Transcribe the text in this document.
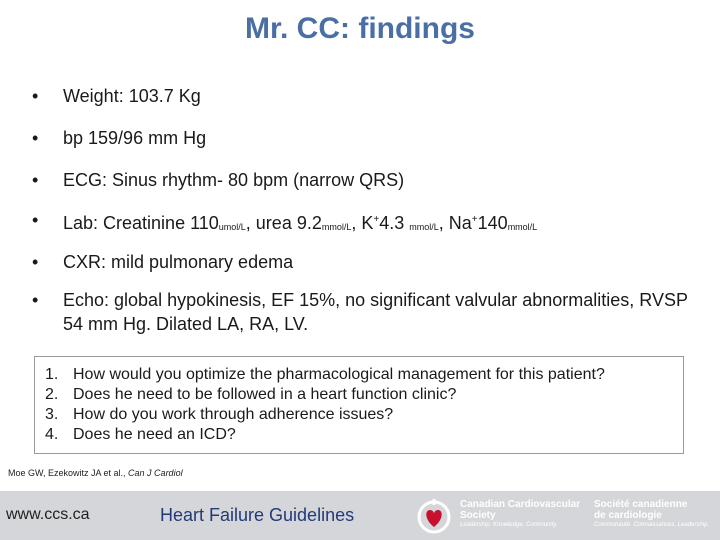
Mr. CC: findings
•	Weight: 103.7 Kg
•	bp 159/96 mm Hg
•	ECG: Sinus rhythm- 80 bpm (narrow QRS)
•	Lab: Creatinine $110_{umol/L}$, urea $9.2_{mmol/L}$, K+4.3 $_{mmol/L}$, $Na^+140_{mmol/L}$
•	CXR: mild pulmonary edema
•	Echo: global hypokinesis, EF 15%, no significant valvular abnormalities, RVSP 54 mm Hg. Dilated LA, RA, LV.
1. How would you optimize the pharmacological management for this patient?
2. Does he need to be followed in a heart function clinic?
3. How do you work through adherence issues?
4. Does he need an ICD?
Moe GW, Ezekowitz JA et al., Can J Cardiol
www.ccs.ca	Heart Failure Guidelines
Canadian Cardiovascular
Society
Leadership. Knowledge. Community.
Société canadienne
de cardiologie
Communauté. Connaissances. Leadership.
